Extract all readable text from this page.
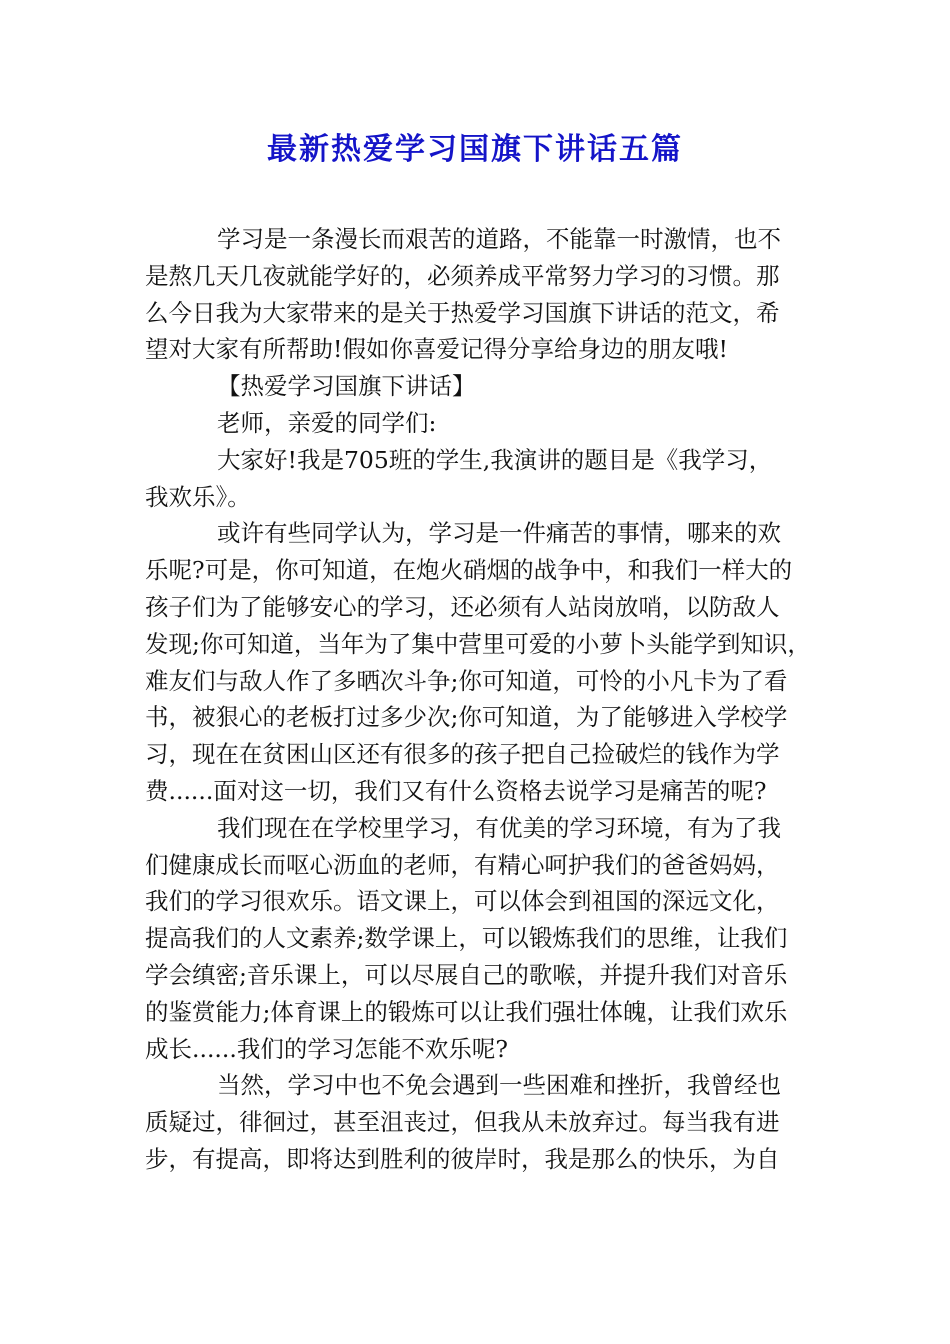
最新热爱学习国旗下讲话五篇
学习是一条漫长而艰苦的道路，不能靠一时激情，也不
是熬几天几夜就能学好的，必须养成平常努力学习的习惯。那
么今日我为大家带来的是关于热爱学习国旗下讲话的范文，希
望对大家有所帮助!假如你喜爱记得分享给身边的朋友哦!
【热爱学习国旗下讲话】
老师，亲爱的同学们:
大家好!我是705班的学生,我演讲的题目是《我学习，
我欢乐》。
或许有些同学认为，学习是一件痛苦的事情，哪来的欢
乐呢?可是，你可知道，在炮火硝烟的战争中，和我们一样大的
孩子们为了能够安心的学习，还必须有人站岗放哨，以防敌人
发现;你可知道，当年为了集中营里可爱的小萝卜头能学到知识，
难友们与敌人作了多晒次斗争;你可知道，可怜的小凡卡为了看
书，被狠心的老板打过多少次;你可知道，为了能够进入学校学
习，现在在贫困山区还有很多的孩子把自己捡破烂的钱作为学
费......面对这一切，我们又有什么资格去说学习是痛苦的呢?
我们现在在学校里学习，有优美的学习环境，有为了我
们健康成长而呕心沥血的老师，有精心呵护我们的爸爸妈妈，
我们的学习很欢乐。语文课上，可以体会到祖国的深远文化，
提高我们的人文素养;数学课上，可以锻炼我们的思维，让我们
学会缜密;音乐课上，可以尽展自己的歌喉，并提升我们对音乐
的鉴赏能力;体育课上的锻炼可以让我们强壮体魄，让我们欢乐
成长......我们的学习怎能不欢乐呢?
当然，学习中也不免会遇到一些困难和挫折，我曾经也
质疑过，徘徊过，甚至沮丧过，但我从未放弃过。每当我有进
步，有提高，即将达到胜利的彼岸时，我是那么的快乐，为自
